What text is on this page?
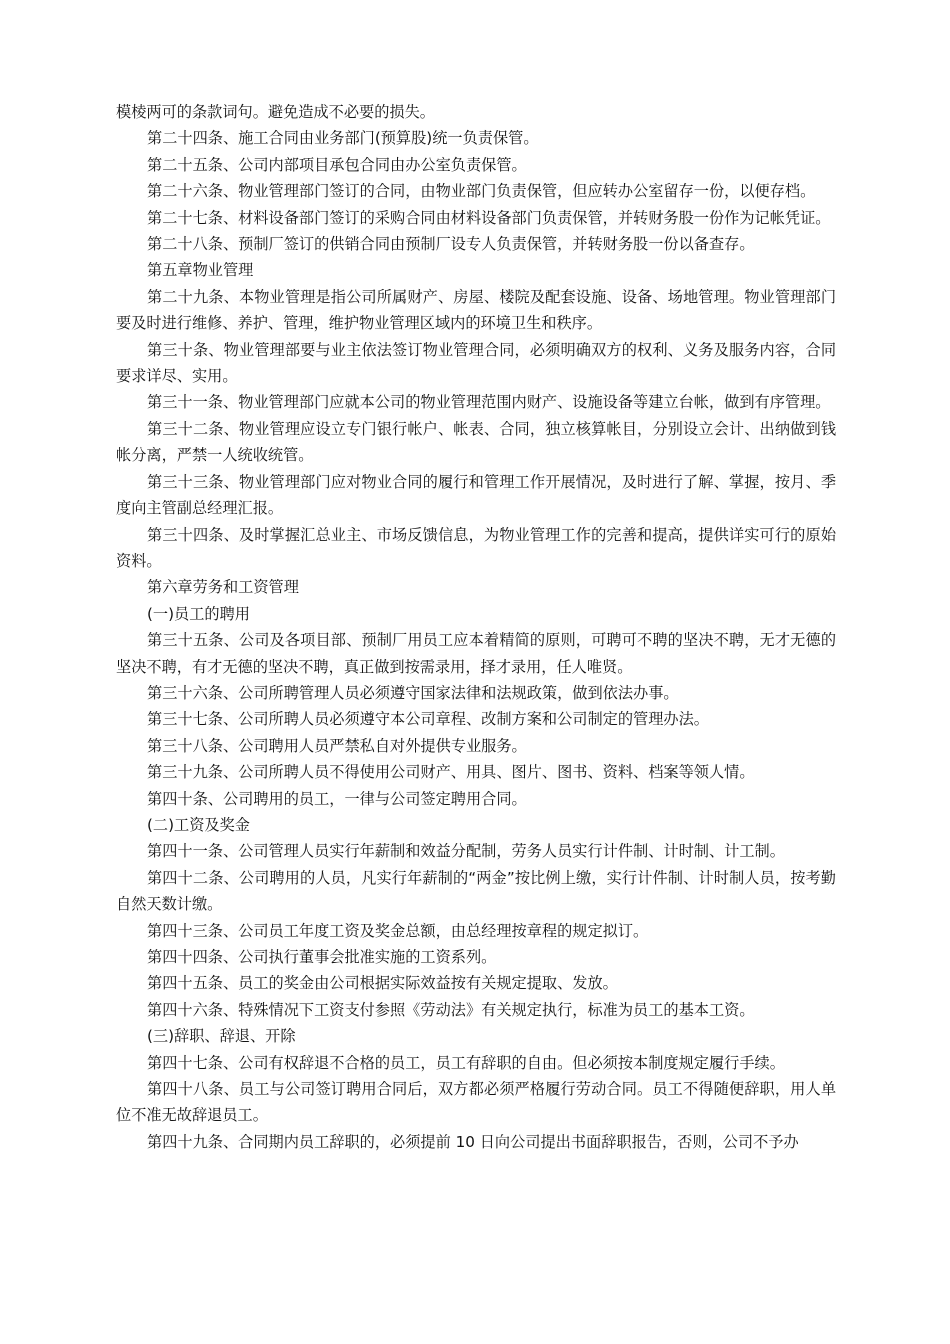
模棱两可的条款词句。避免造成不必要的损失。

第二十四条、施工合同由业务部门(预算股)统一负责保管。

第二十五条、公司内部项目承包合同由办公室负责保管。

第二十六条、物业管理部门签订的合同，由物业部门负责保管，但应转办公室留存一份，以便存档。

第二十七条、材料设备部门签订的采购合同由材料设备部门负责保管，并转财务股一份作为记帐凭证。

第二十八条、预制厂签订的供销合同由预制厂设专人负责保管，并转财务股一份以备查存。

第五章物业管理

第二十九条、本物业管理是指公司所属财产、房屋、楼院及配套设施、设备、场地管理。物业管理部门要及时进行维修、养护、管理，维护物业管理区域内的环境卫生和秩序。

第三十条、物业管理部要与业主依法签订物业管理合同，必须明确双方的权利、义务及服务内容，合同要求详尽、实用。

第三十一条、物业管理部门应就本公司的物业管理范围内财产、设施设备等建立台帐，做到有序管理。

第三十二条、物业管理应设立专门银行帐户、帐表、合同，独立核算帐目，分别设立会计、出纳做到钱帐分离，严禁一人统收统管。

第三十三条、物业管理部门应对物业合同的履行和管理工作开展情况，及时进行了解、掌握，按月、季度向主管副总经理汇报。

第三十四条、及时掌握汇总业主、市场反馈信息，为物业管理工作的完善和提高，提供详实可行的原始资料。

第六章劳务和工资管理

(一)员工的聘用

第三十五条、公司及各项目部、预制厂用员工应本着精简的原则，可聘可不聘的坚决不聘，无才无德的坚决不聘，有才无德的坚决不聘，真正做到按需录用，择才录用，任人唯贤。

第三十六条、公司所聘管理人员必须遵守国家法律和法规政策，做到依法办事。

第三十七条、公司所聘人员必须遵守本公司章程、改制方案和公司制定的管理办法。

第三十八条、公司聘用人员严禁私自对外提供专业服务。

第三十九条、公司所聘人员不得使用公司财产、用具、图片、图书、资料、档案等领人情。

第四十条、公司聘用的员工，一律与公司签定聘用合同。

(二)工资及奖金

第四十一条、公司管理人员实行年薪制和效益分配制，劳务人员实行计件制、计时制、计工制。

第四十二条、公司聘用的人员，凡实行年薪制的“两金”按比例上缴，实行计件制、计时制人员，按考勤自然天数计缴。

第四十三条、公司员工年度工资及奖金总额，由总经理按章程的规定拟订。

第四十四条、公司执行董事会批准实施的工资系列。

第四十五条、员工的奖金由公司根据实际效益按有关规定提取、发放。

第四十六条、特殊情况下工资支付参照《劳动法》有关规定执行，标准为员工的基本工资。

(三)辞职、辞退、开除

第四十七条、公司有权辞退不合格的员工，员工有辞职的自由。但必须按本制度规定履行手续。

第四十八条、员工与公司签订聘用合同后，双方都必须严格履行劳动合同。员工不得随便辞职，用人单位不准无故辞退员工。

第四十九条、合同期内员工辞职的，必须提前 10 日向公司提出书面辞职报告，否则，公司不予办
